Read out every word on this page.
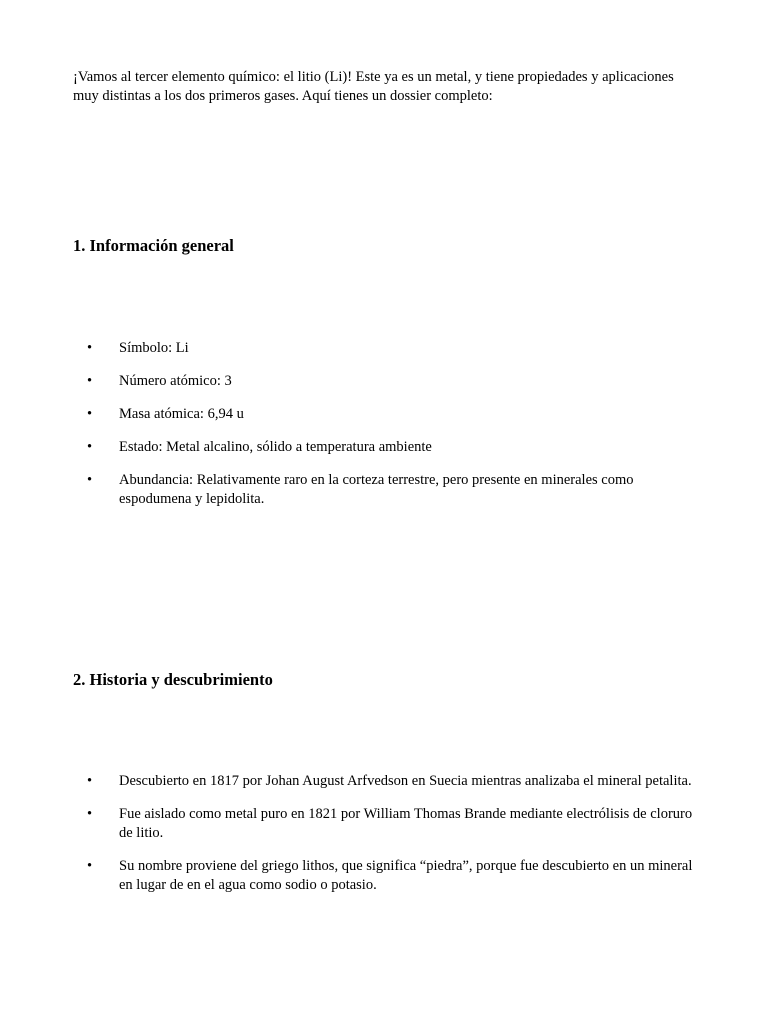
¡Vamos al tercer elemento químico: el litio (Li)! Este ya es un metal, y tiene propiedades y aplicaciones muy distintas a los dos primeros gases. Aquí tienes un dossier completo:

1. Información general
• Símbolo: Li
• Número atómico: 3
• Masa atómica: 6,94 u
• Estado: Metal alcalino, sólido a temperatura ambiente
• Abundancia: Relativamente raro en la corteza terrestre, pero presente en minerales como espodumena y lepidolita.
2. Historia y descubrimiento
• Descubierto en 1817 por Johan August Arfvedson en Suecia mientras analizaba el mineral petalita.
• Fue aislado como metal puro en 1821 por William Thomas Brande mediante electrólisis de cloruro de litio.
• Su nombre proviene del griego lithos, que significa “piedra”, porque fue descubierto en un mineral en lugar de en el agua como sodio o potasio.
